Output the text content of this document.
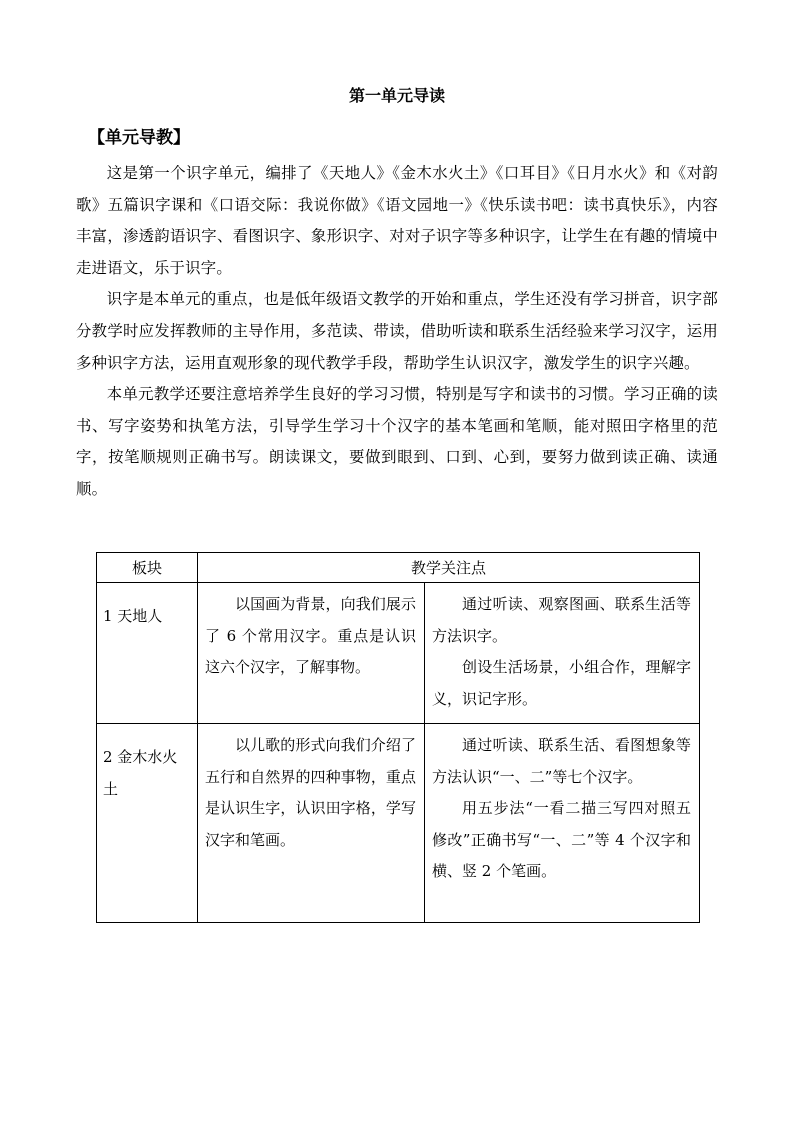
第一单元导读
【单元导教】

这是第一个识字单元，编排了《天地人》《金木水火土》《口耳目》《日月水火》和《对韵歌》五篇识字课和《口语交际：我说你做》《语文园地一》《快乐读书吧：读书真快乐》，内容丰富，渗透韵语识字、看图识字、象形识字、对对子识字等多种识字，让学生在有趣的情境中走进语文，乐于识字。

识字是本单元的重点，也是低年级语文教学的开始和重点，学生还没有学习拼音，识字部分教学时应发挥教师的主导作用，多范读、带读，借助听读和联系生活经验来学习汉字，运用多种识字方法，运用直观形象的现代教学手段，帮助学生认识汉字，激发学生的识字兴趣。

本单元教学还要注意培养学生良好的学习习惯，特别是写字和读书的习惯。学习正确的读书、写字姿势和执笔方法，引导学生学习十个汉字的基本笔画和笔顺，能对照田字格里的范字，按笔顺规则正确书写。朗读课文，要做到眼到、口到、心到，要努力做到读正确、读通顺。

板块	教学关注点	
1 天地人	以国画为背景，向我们展示了 6 个常用汉字。重点是认识这六个汉字，了解事物。	通过听读、观察图画、联系生活等方法识字。
创设生活场景，小组合作，理解字义，识记字形。

2 金木水火土	以儿歌的形式向我们介绍了五行和自然界的四种事物，重点是认识生字，认识田字格，学写汉字和笔画。	通过听读、联系生活、看图想象等方法认识“一、二”等七个汉字。
用五步法“一看二描三写四对照五修改”正确书写“一、二”等 4 个汉字和横、竖 2 个笔画。
